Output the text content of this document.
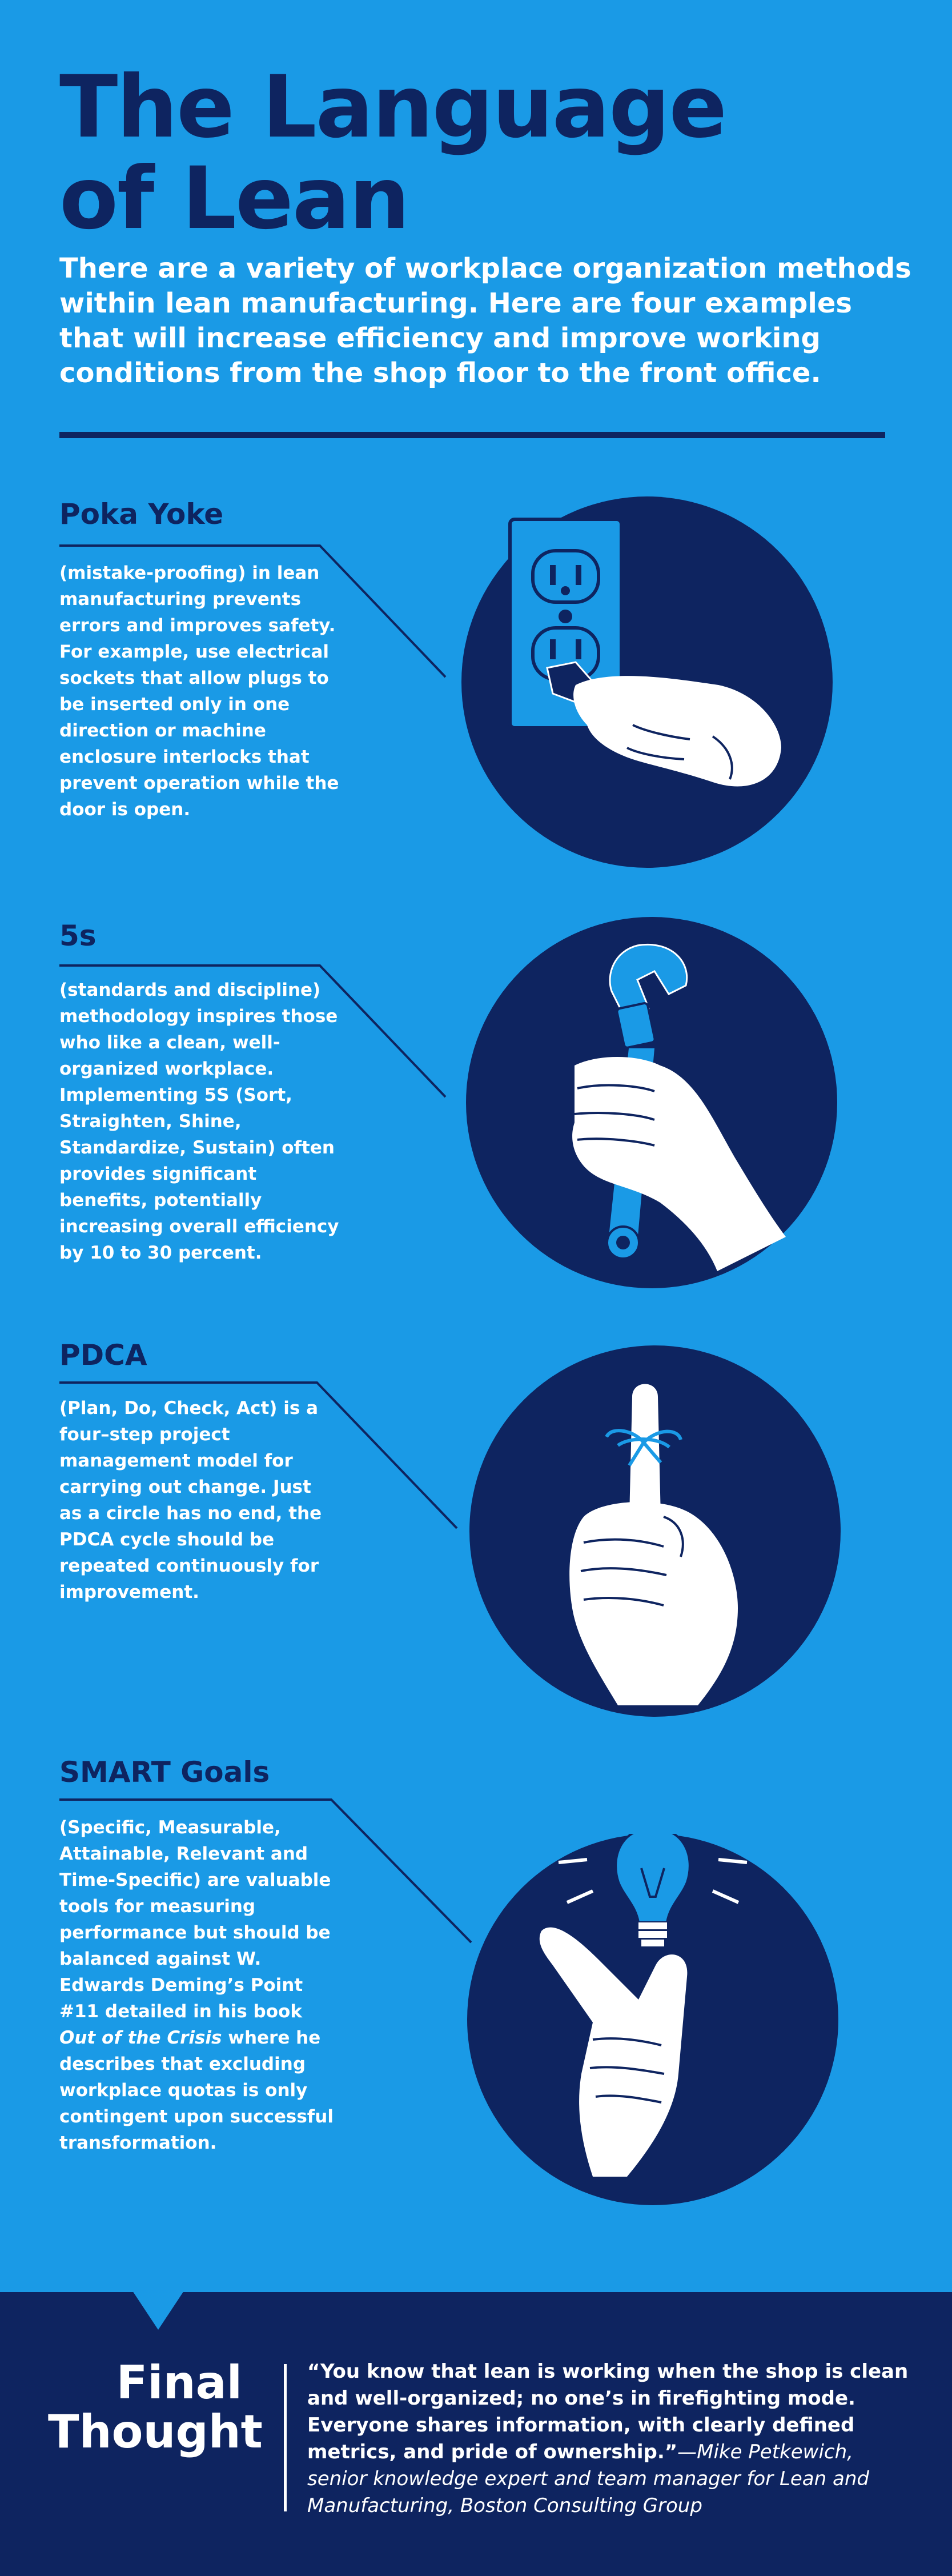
The Language
of Lean

There are a variety of workplace organization methods within lean manufacturing. Here are four examples that will increase efficiency and improve working conditions from the shop floor to the front office.

Poka Yoke

(mistake-proofing) in lean manufacturing prevents errors and improves safety. For example, use electrical sockets that allow plugs to be inserted only in one direction or machine enclosure interlocks that prevent operation while the door is open.

5s

(standards and discipline) methodology inspires those who like a clean, well-organized workplace. Implementing 5S (Sort, Straighten, Shine, Standardize, Sustain) often provides significant benefits, potentially increasing overall efficiency by 10 to 30 percent.

PDCA

(Plan, Do, Check, Act) is a four–step project management model for carrying out change. Just as a circle has no end, the PDCA cycle should be repeated continuously for improvement.

SMART Goals

(Specific, Measurable, Attainable, Relevant and Time-Specific) are valuable tools for measuring performance but should be balanced against W. Edwards Deming’s Point #11 detailed in his book Out of the Crisis where he describes that excluding workplace quotas is only contingent upon successful transformation.

Final
Thought

“You know that lean is working when the shop is clean and well-organized; no one’s in firefighting mode. Everyone shares information, with clearly defined metrics, and pride of ownership.”—Mike Petkewich, senior knowledge expert and team manager for Lean and Manufacturing, Boston Consulting Group
